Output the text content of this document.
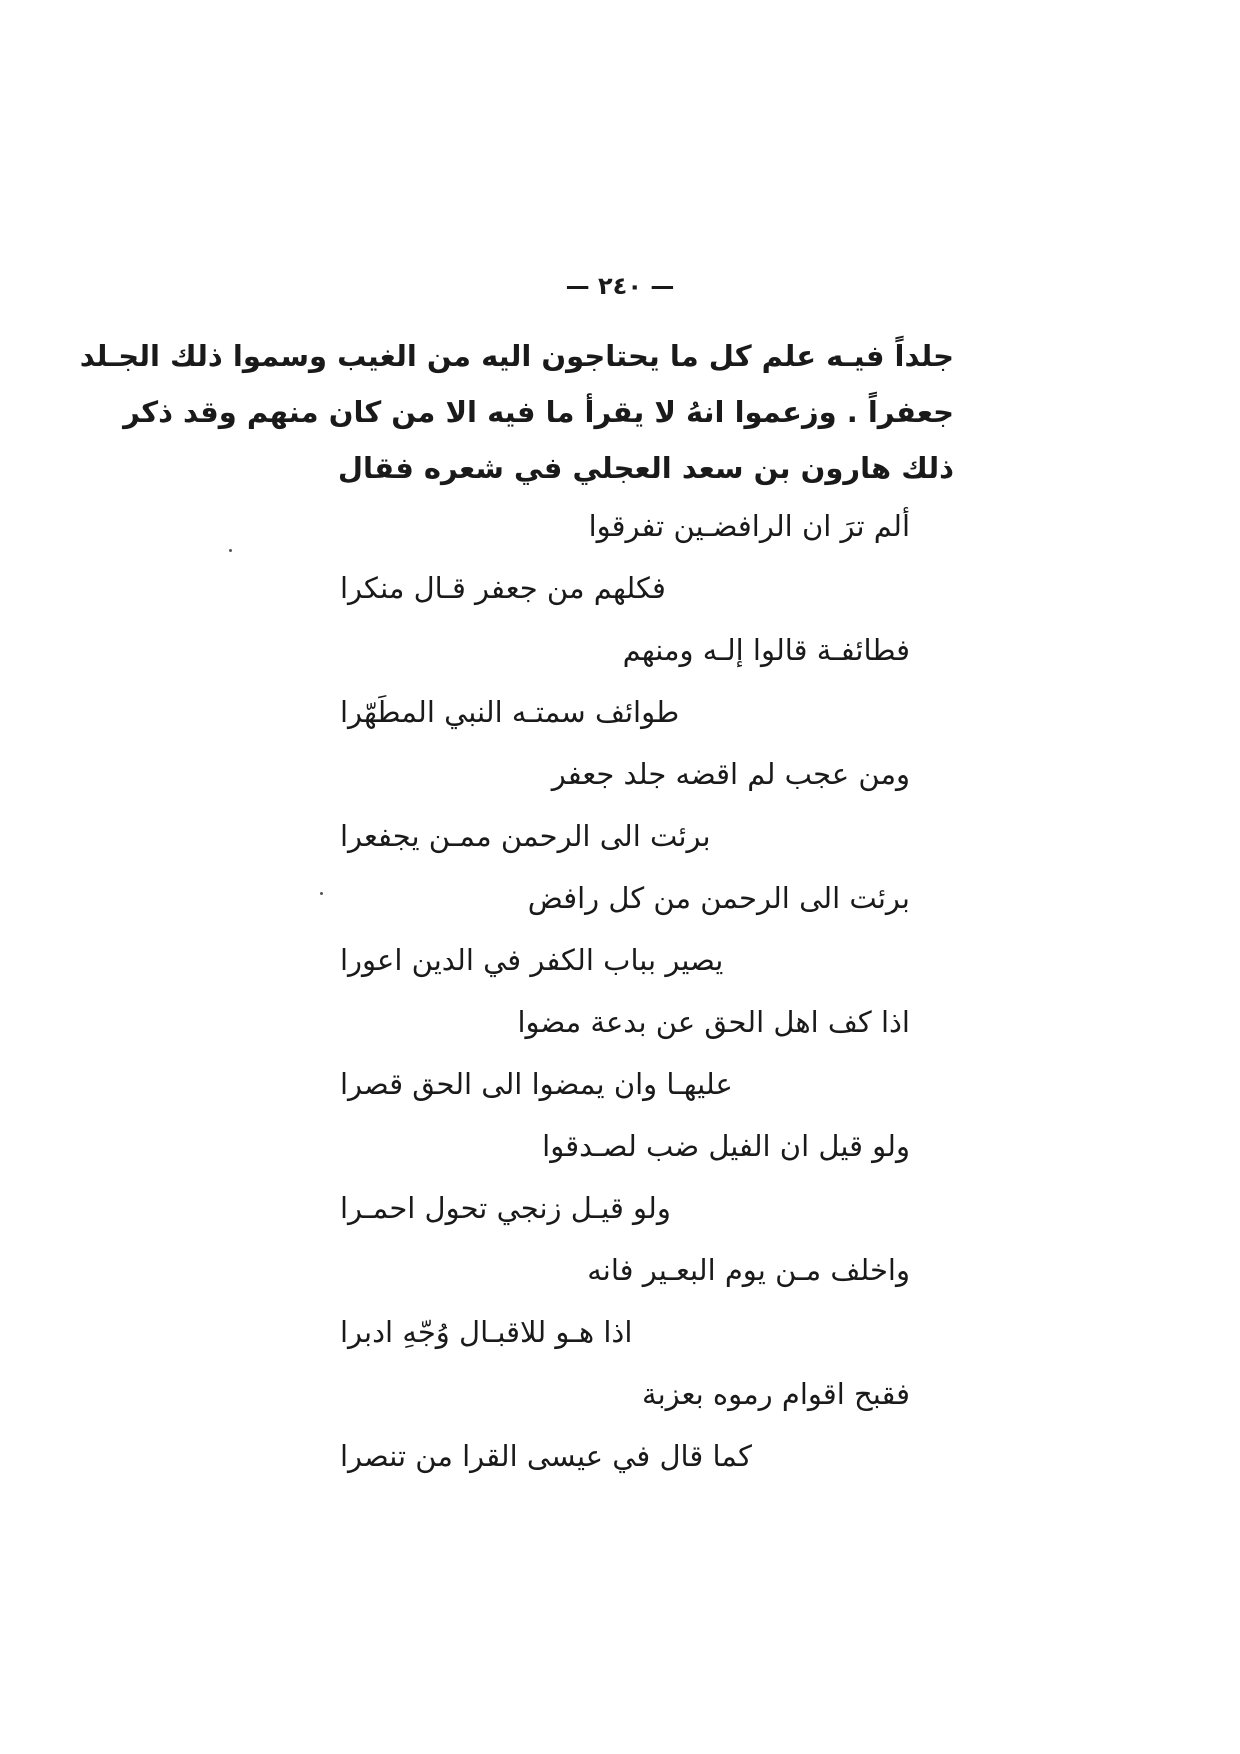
— ٢٤٠ —
جلداً فيـه علم كل ما يحتاجون اليه من الغيب وسموا ذلك الجـلد
جعفراً . وزعموا انهُ لا يقرأ ما فيه الا من كان منهم وقد ذكر
ذلك هارون بن سعد العجلي في شعره فقال
ألم ترَ ان الرافضـين تفرقوا
فكلهم من جعفر قـال منكرا
فطائفـة قالوا إلـه ومنهم
طوائف سمتـه النبي المطَهّرا
ومن عجب لم اقضه جلد جعفر
برئت الى الرحمن ممـن يجفعرا
برئت الى الرحمن من كل رافض
يصير بباب الكفر في الدين اعورا
اذا كف اهل الحق عن بدعة مضوا
عليهـا وان يمضوا الى الحق قصرا
ولو قيل ان الفيل ضب لصـدقوا
ولو قيـل زنجي تحول احمـرا
واخلف مـن يوم البعـير فانه
اذا هـو للاقبـال وُجّهِ ادبرا
فقبح اقوام رموه بعزبة
كما قال في عيسى القرا من تنصرا
